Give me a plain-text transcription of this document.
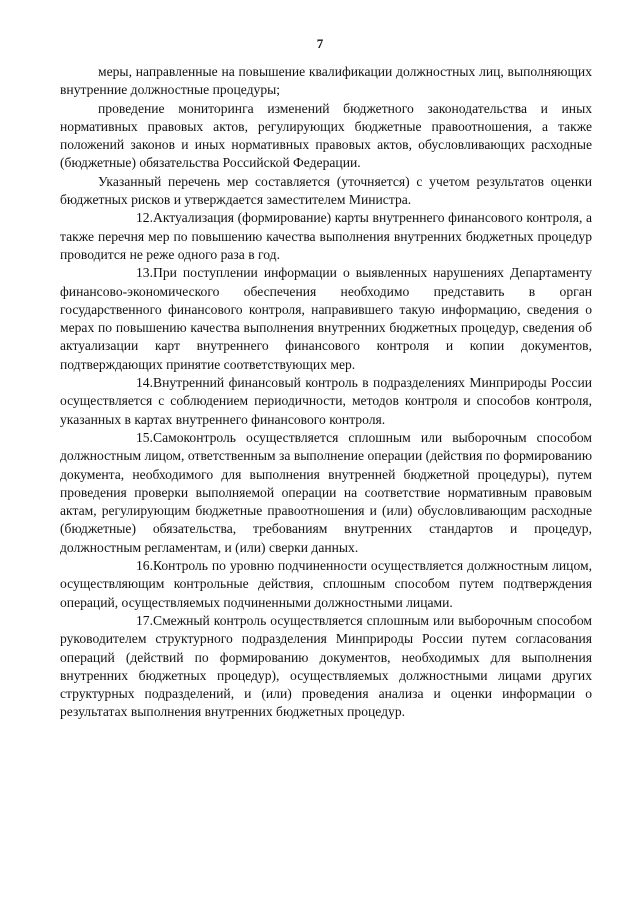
7

меры, направленные на повышение квалификации должностных лиц, выполняющих внутренние должностные процедуры;

проведение мониторинга изменений бюджетного законодательства и иных нормативных правовых актов, регулирующих бюджетные правоотношения, а также положений законов и иных нормативных правовых актов, обусловливающих расходные (бюджетные) обязательства Российской Федерации.

Указанный перечень мер составляется (уточняется) с учетом результатов оценки бюджетных рисков и утверждается заместителем Министра.

12.Актуализация (формирование) карты внутреннего финансового контроля, а также перечня мер по повышению качества выполнения внутренних бюджетных процедур проводится не реже одного раза в год.

13.При поступлении информации о выявленных нарушениях Департаменту финансово-экономического обеспечения необходимо представить в орган государственного финансового контроля, направившего такую информацию, сведения о мерах по повышению качества выполнения внутренних бюджетных процедур, сведения об актуализации карт внутреннего финансового контроля и копии документов, подтверждающих принятие соответствующих мер.

14.Внутренний финансовый контроль в подразделениях Минприроды России осуществляется с соблюдением периодичности, методов контроля и способов контроля, указанных в картах внутреннего финансового контроля.

15.Самоконтроль осуществляется сплошным или выборочным способом должностным лицом, ответственным за выполнение операции (действия по формированию документа, необходимого для выполнения внутренней бюджетной процедуры), путем проведения проверки выполняемой операции на соответствие нормативным правовым актам, регулирующим бюджетные правоотношения и (или) обусловливающим расходные (бюджетные) обязательства, требованиям внутренних стандартов и процедур, должностным регламентам, и (или) сверки данных.

16.Контроль по уровню подчиненности осуществляется должностным лицом, осуществляющим контрольные действия, сплошным способом путем подтверждения операций, осуществляемых подчиненными должностными лицами.

17.Смежный контроль осуществляется сплошным или выборочным способом руководителем структурного подразделения Минприроды России путем согласования операций (действий по формированию документов, необходимых для выполнения внутренних бюджетных процедур), осуществляемых должностными лицами других структурных подразделений, и (или) проведения анализа и оценки информации о результатах выполнения внутренних бюджетных процедур.
